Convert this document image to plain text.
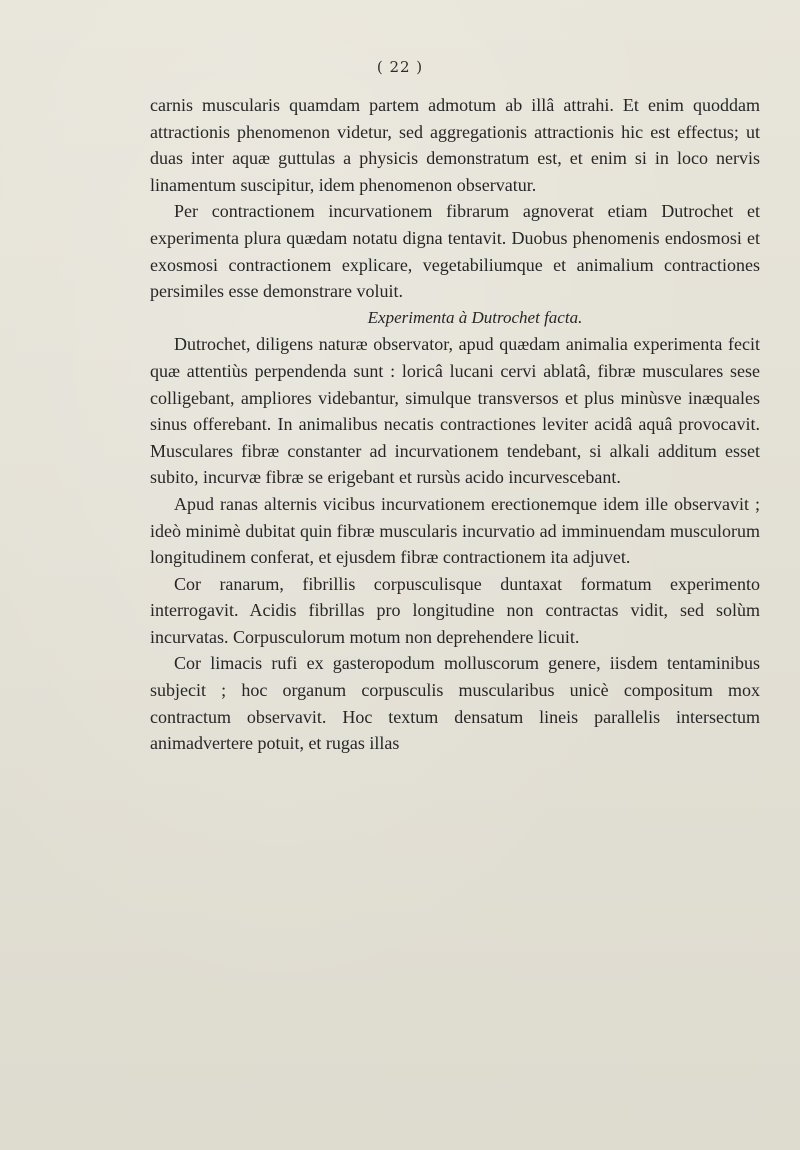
( 22 )

carnis muscularis quamdam partem admotum ab illâ attrahi. Et enim quoddam attractionis phenomenon videtur, sed aggregationis attractionis hic est effectus; ut duas inter aquæ guttulas a physicis demonstratum est, et enim si in loco nervis linamentum suscipitur, idem phenomenon observatur.

Per contractionem incurvationem fibrarum agnoverat etiam Dutrochet et experimenta plura quædam notatu digna tentavit. Duobus phenomenis endosmosi et exosmosi contractionem explicare, vegetabiliumque et animalium contractiones persimiles esse demonstrare voluit.

Experimenta à Dutrochet facta.

Dutrochet, diligens naturæ observator, apud quædam animalia experimenta fecit quæ attentiùs perpendenda sunt : loricâ lucani cervi ablatâ, fibræ musculares sese colligebant, ampliores videbantur, simulque transversos et plus minùsve inæquales sinus offerebant. In animalibus necatis contractiones leviter acidâ aquâ provocavit. Musculares fibræ constanter ad incurvationem tendebant, si alkali additum esset subito, incurvæ fibræ se erigebant et rursùs acido incurvescebant.

Apud ranas alternis vicibus incurvationem erectionemque idem ille observavit ; ideò minimè dubitat quin fibræ muscularis incurvatio ad imminuendam musculorum longitudinem conferat, et ejusdem fibræ contractionem ita adjuvet.

Cor ranarum, fibrillis corpusculisque duntaxat formatum experimento interrogavit. Acidis fibrillas pro longitudine non contractas vidit, sed solùm incurvatas. Corpusculorum motum non deprehendere licuit.

Cor limacis rufi ex gasteropodum molluscorum genere, iisdem tentaminibus subjecit ; hoc organum corpusculis muscularibus unicè compositum mox contractum observavit. Hoc textum densatum lineis parallelis intersectum animadvertere potuit, et rugas illas
